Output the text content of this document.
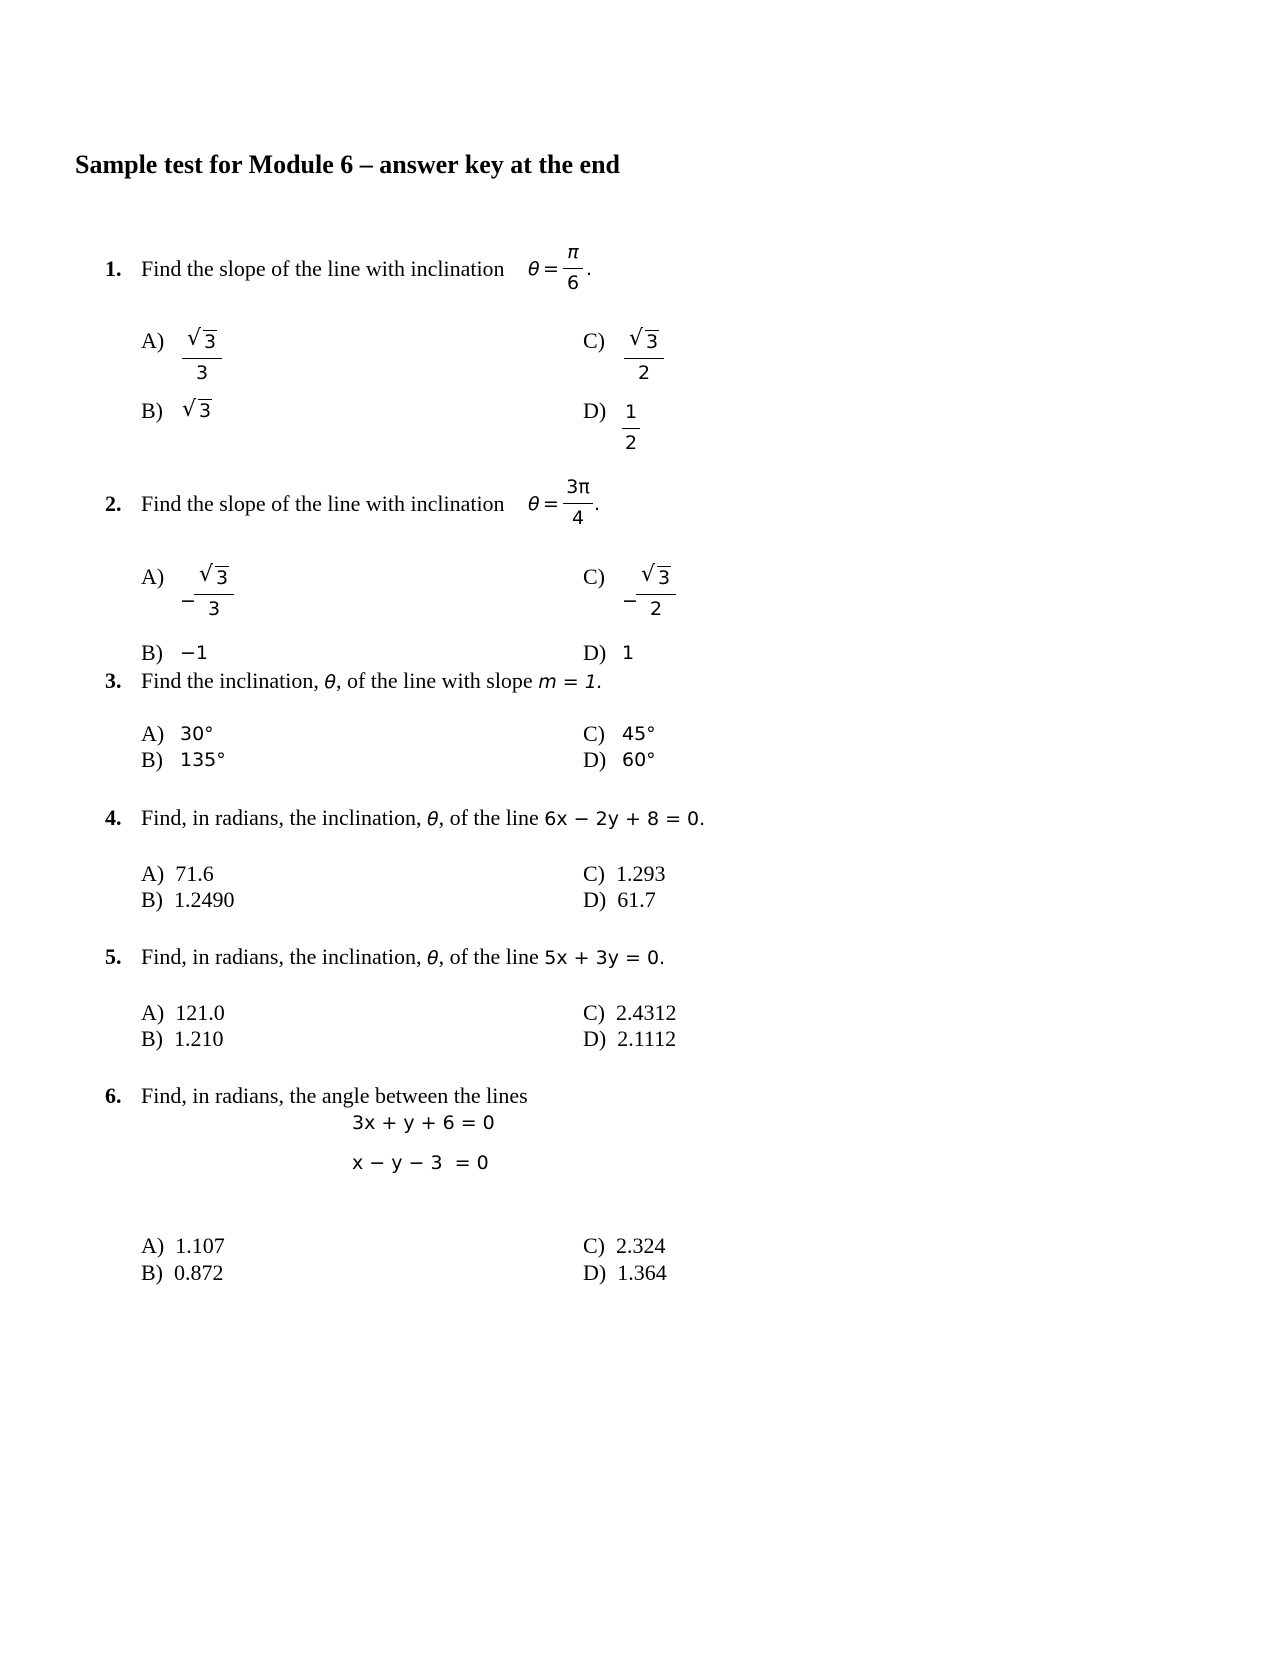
Sample test for Module 6 – answer key at the end
1. Find the slope of the line with inclination θ =
π
6
.
A) √ 3
3
B) √ 3
C) √ 3
2
D) 1
2
2. Find the slope of the line with inclination θ =
3π
4
.
A)
−
√ 3
3
B) −1
C)
−
√ 3
2
D) 1
3. Find the inclination, θ, of the line with slope m = 1.
A) 30°
B) 135°
C) 45°
D) 60°
4. Find, in radians, the inclination, θ, of the line 6x − 2y + 8 = 0.
A) 71.6
B) 1.2490
C) 1.293
D) 61.7
5. Find, in radians, the inclination, θ, of the line 5x + 3y = 0.
A) 121.0
B) 1.210
C) 2.4312
D) 2.1112
6. Find, in radians, the angle between the lines
3x + y + 6 = 0
x − y − 3  = 0
A) 1.107
B) 0.872
C) 2.324
D) 1.364
